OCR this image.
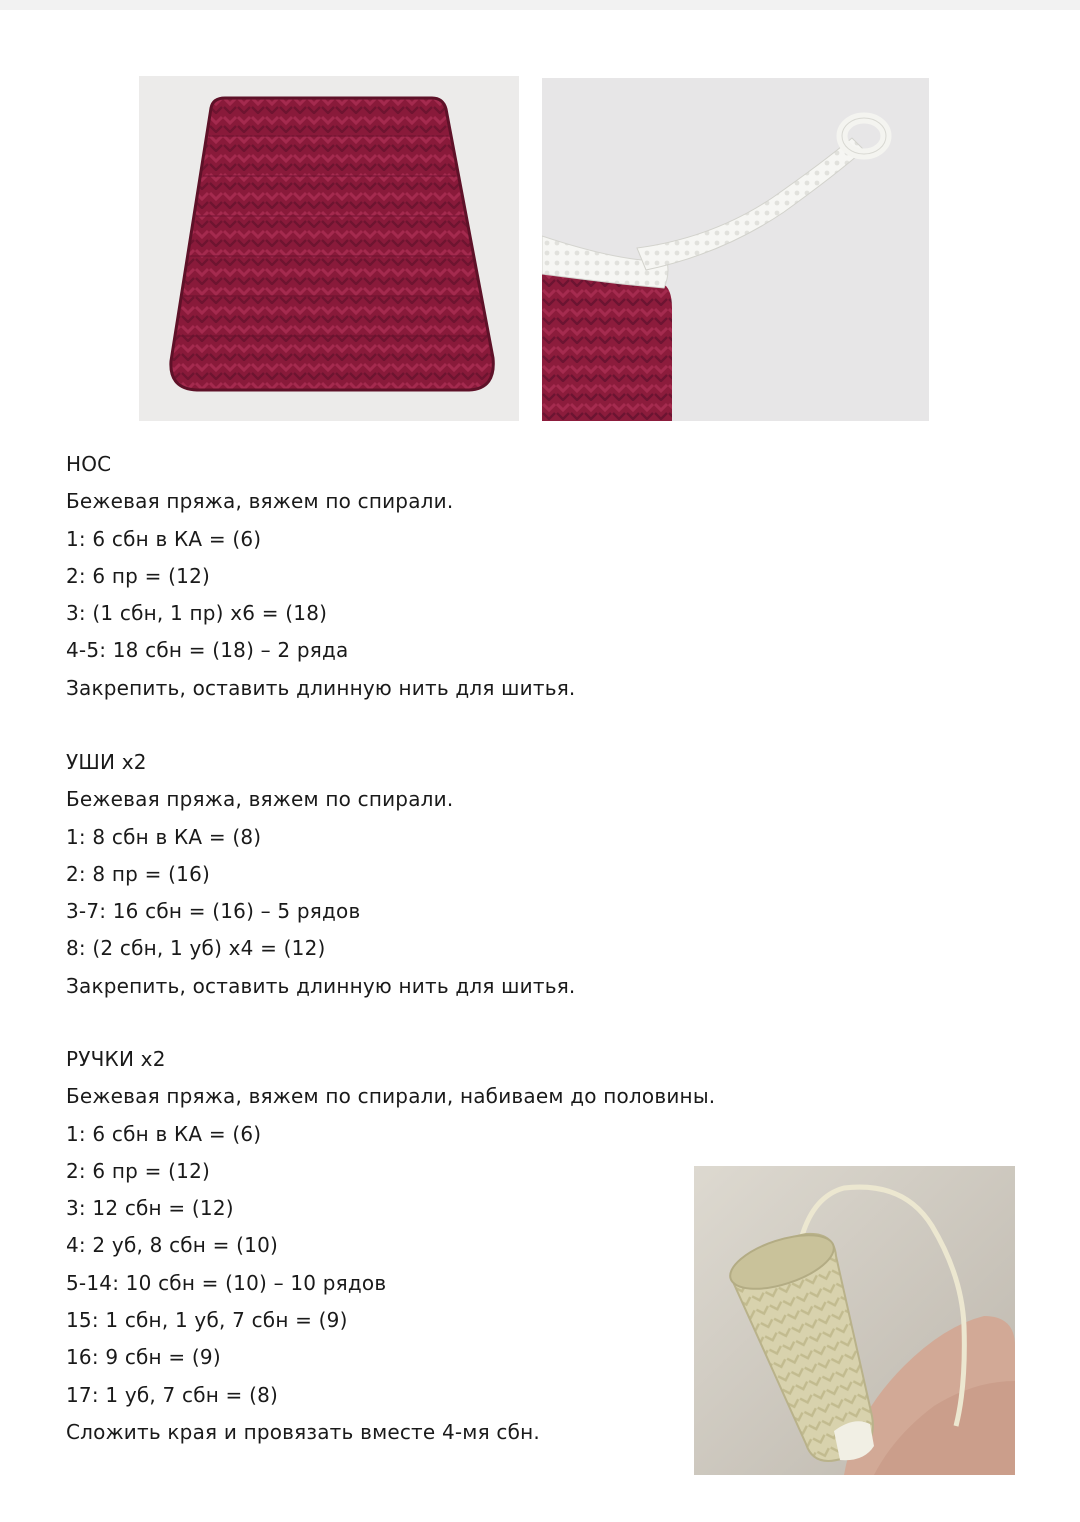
НОС
Бежевая пряжа, вяжем по спирали.
1: 6 сбн в КА = (6)
2: 6 пр = (12)
3: (1 сбн, 1 пр) x6 = (18)
4-5: 18 сбн = (18) – 2 ряда
Закрепить, оставить длинную нить для шитья.
УШИ x2
Бежевая пряжа, вяжем по спирали.
1: 8 сбн в КА = (8)
2: 8 пр = (16)
3-7: 16 сбн = (16) – 5 рядов
8: (2 сбн, 1 уб) x4 = (12)
Закрепить, оставить длинную нить для шитья.
РУЧКИ x2
Бежевая пряжа, вяжем по спирали, набиваем до половины.
1: 6 сбн в КА = (6)
2: 6 пр = (12)
3: 12 сбн = (12)
4: 2 уб, 8 сбн = (10)
5-14: 10 сбн = (10) – 10 рядов
15: 1 сбн, 1 уб, 7 сбн = (9)
16: 9 сбн = (9)
17: 1 уб, 7 сбн = (8)
Сложить края и провязать вместе 4-мя сбн.
